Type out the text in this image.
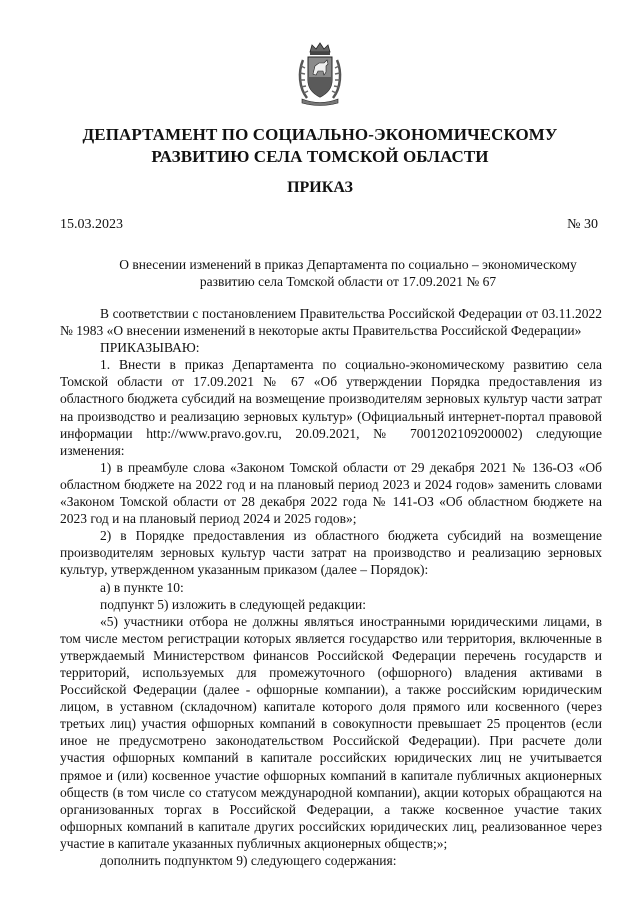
ДЕПАРТАМЕНТ ПО СОЦИАЛЬНО-ЭКОНОМИЧЕСКОМУ
РАЗВИТИЮ СЕЛА ТОМСКОЙ ОБЛАСТИ
ПРИКАЗ
15.03.2023	№ 30
О внесении изменений в приказ Департамента по социально – экономическому
развитию села Томской области от 17.09.2021 № 67

В соответствии с постановлением Правительства Российской Федерации от 03.11.2022 № 1983 «О внесении изменений в некоторые акты Правительства Российской Федерации»

ПРИКАЗЫВАЮ:

1. Внести в приказ Департамента по социально-экономическому развитию села Томской области от 17.09.2021 № 67 «Об утверждении Порядка предоставления из областного бюджета субсидий на возмещение производителям зерновых культур части затрат на производство и реализацию зерновых культур» (Официальный интернет-портал правовой информации http://www.pravo.gov.ru, 20.09.2021, № 7001202109200002) следующие изменения:

1) в преамбуле слова «Законом Томской области от 29 декабря 2021 № 136-ОЗ «Об областном бюджете на 2022 год и на плановый период 2023 и 2024 годов» заменить словами «Законом Томской области от 28 декабря 2022 года № 141-ОЗ «Об областном бюджете на 2023 год и на плановый период 2024 и 2025 годов»;

2) в Порядке предоставления из областного бюджета субсидий на возмещение производителям зерновых культур части затрат на производство и реализацию зерновых культур, утвержденном указанным приказом (далее – Порядок):

а) в пункте 10:

подпункт 5) изложить в следующей редакции:

«5) участники отбора не должны являться иностранными юридическими лицами, в том числе местом регистрации которых является государство или территория, включенные в утверждаемый Министерством финансов Российской Федерации перечень государств и территорий, используемых для промежуточного (офшорного) владения активами в Российской Федерации (далее - офшорные компании), а также российским юридическим лицом, в уставном (складочном) капитале которого доля прямого или косвенного (через третьих лиц) участия офшорных компаний в совокупности превышает 25 процентов (если иное не предусмотрено законодательством Российской Федерации). При расчете доли участия офшорных компаний в капитале российских юридических лиц не учитывается прямое и (или) косвенное участие офшорных компаний в капитале публичных акционерных обществ (в том числе со статусом международной компании), акции которых обращаются на организованных торгах в Российской Федерации, а также косвенное участие таких офшорных компаний в капитале других российских юридических лиц, реализованное через участие в капитале указанных публичных акционерных обществ;»;

дополнить подпунктом 9) следующего содержания:
